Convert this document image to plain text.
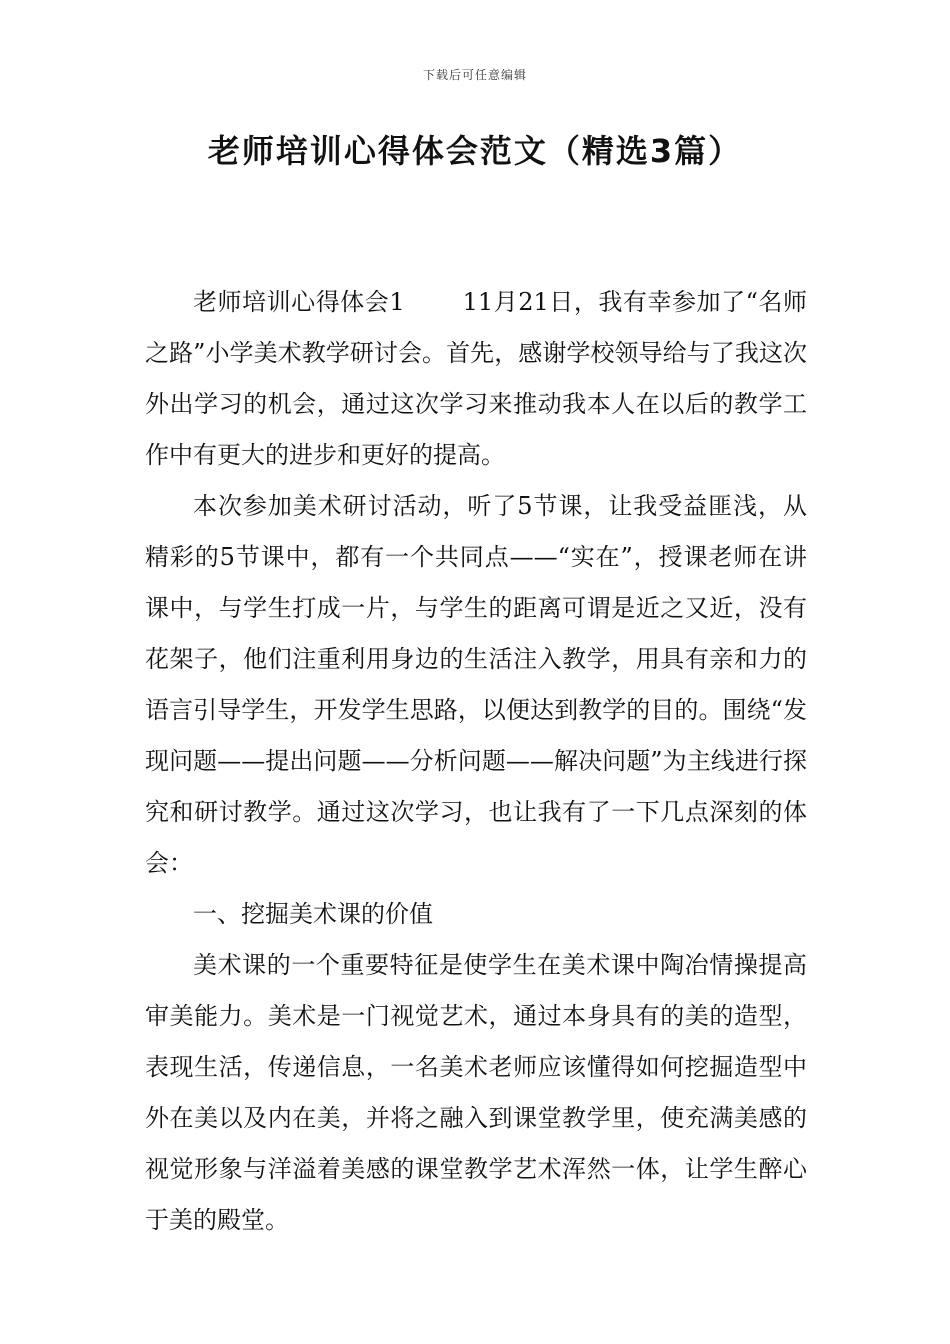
下载后可任意编辑
老师培训心得体会范文（精选3篇）

老师培训心得体会1 11月21日，我有幸参加了“名师之路”小学美术教学研讨会。首先，感谢学校领导给与了我这次外出学习的机会，通过这次学习来推动我本人在以后的教学工作中有更大的进步和更好的提高。

本次参加美术研讨活动，听了5节课，让我受益匪浅，从精彩的5节课中，都有一个共同点——“实在”，授课老师在讲课中，与学生打成一片，与学生的距离可谓是近之又近，没有花架子，他们注重利用身边的生活注入教学，用具有亲和力的语言引导学生，开发学生思路，以便达到教学的目的。围绕“发现问题——提出问题——分析问题——解决问题”为主线进行探究和研讨教学。通过这次学习，也让我有了一下几点深刻的体会：

一、挖掘美术课的价值

美术课的一个重要特征是使学生在美术课中陶冶情操提高审美能力。美术是一门视觉艺术，通过本身具有的美的造型，表现生活，传递信息，一名美术老师应该懂得如何挖掘造型中外在美以及内在美，并将之融入到课堂教学里，使充满美感的视觉形象与洋溢着美感的课堂教学艺术浑然一体，让学生醉心于美的殿堂。
